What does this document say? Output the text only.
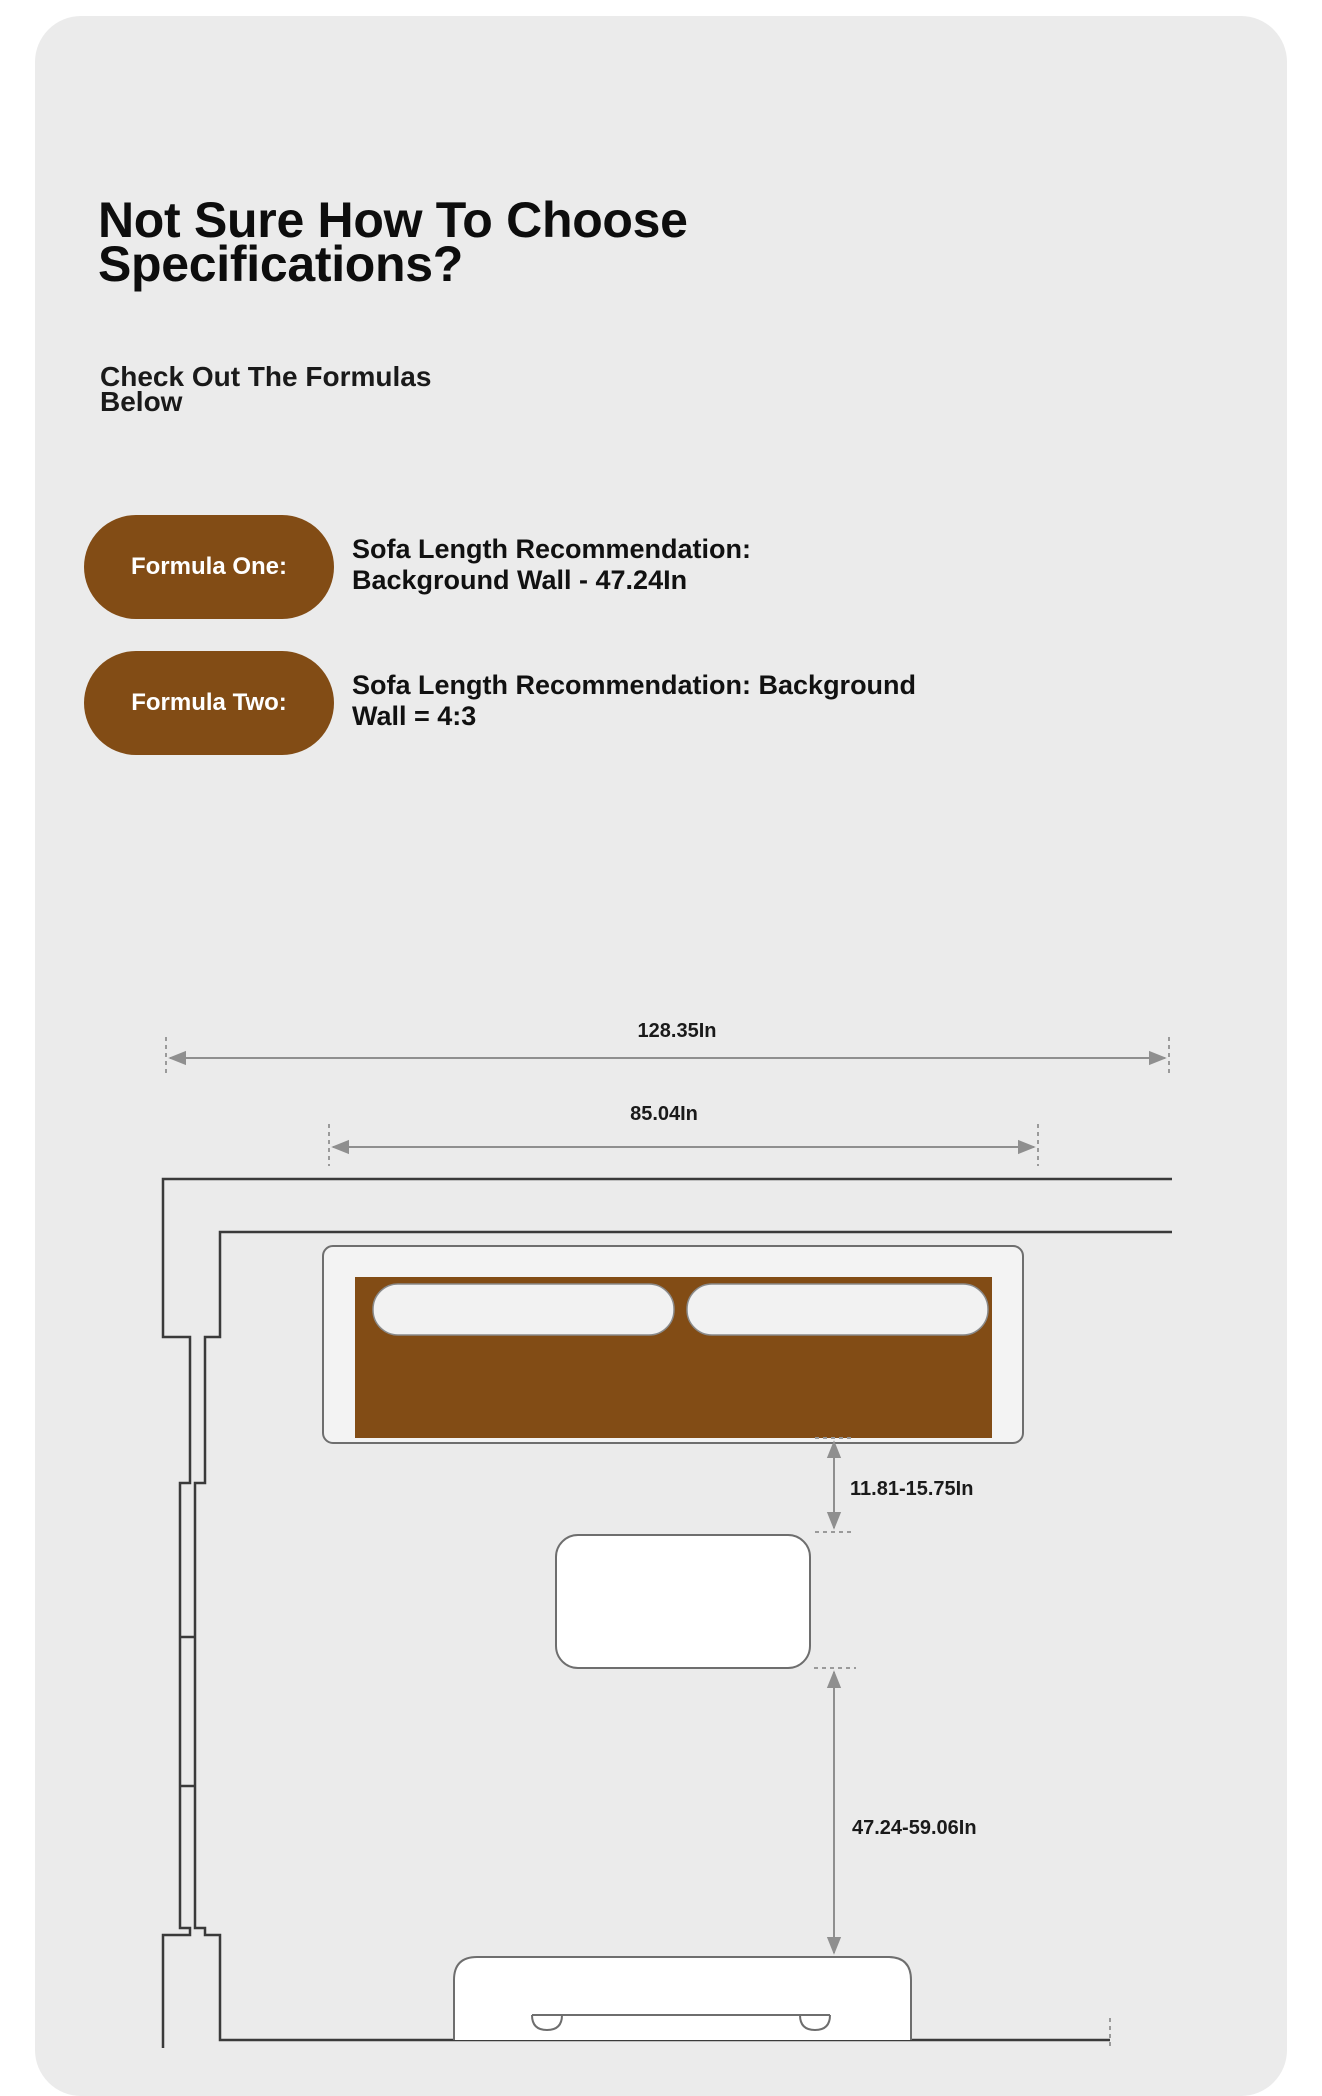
Not Sure How To Choose
Specifications?

Check Out The Formulas
Below

Formula One:

Sofa Length Recommendation:
Background Wall - 47.24In

Formula Two:

Sofa Length Recommendation: Background
Wall = 4:3

128.35In
85.04In
11.81-15.75In
47.24-59.06In
